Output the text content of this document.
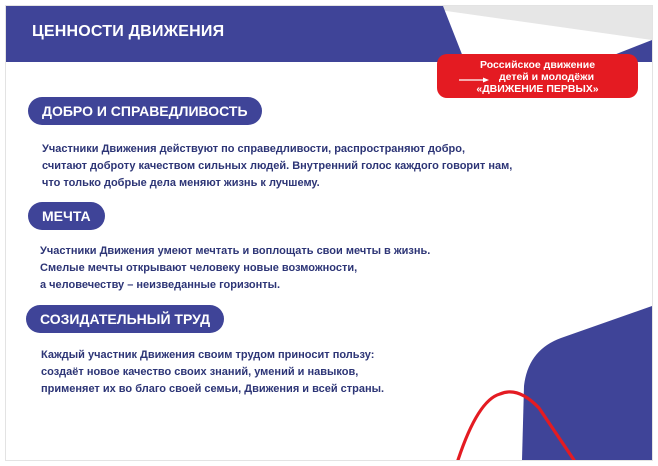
ЦЕННОСТИ ДВИЖЕНИЯ
Российское движение
детей и молодёжи
«ДВИЖЕНИЕ ПЕРВЫХ»
ДОБРО И СПРАВЕДЛИВОСТЬ
Участники Движения действуют по справедливости, распространяют добро,
считают доброту качеством сильных людей. Внутренний голос каждого говорит нам,
что только добрые дела меняют жизнь к лучшему.
МЕЧТА
Участники Движения умеют мечтать и воплощать свои мечты в жизнь.
Смелые мечты открывают человеку новые возможности,
а человечеству – неизведанные горизонты.
СОЗИДАТЕЛЬНЫЙ ТРУД
Каждый участник Движения своим трудом приносит пользу:
создаёт новое качество своих знаний, умений и навыков,
применяет их во благо своей семьи, Движения и всей страны.
